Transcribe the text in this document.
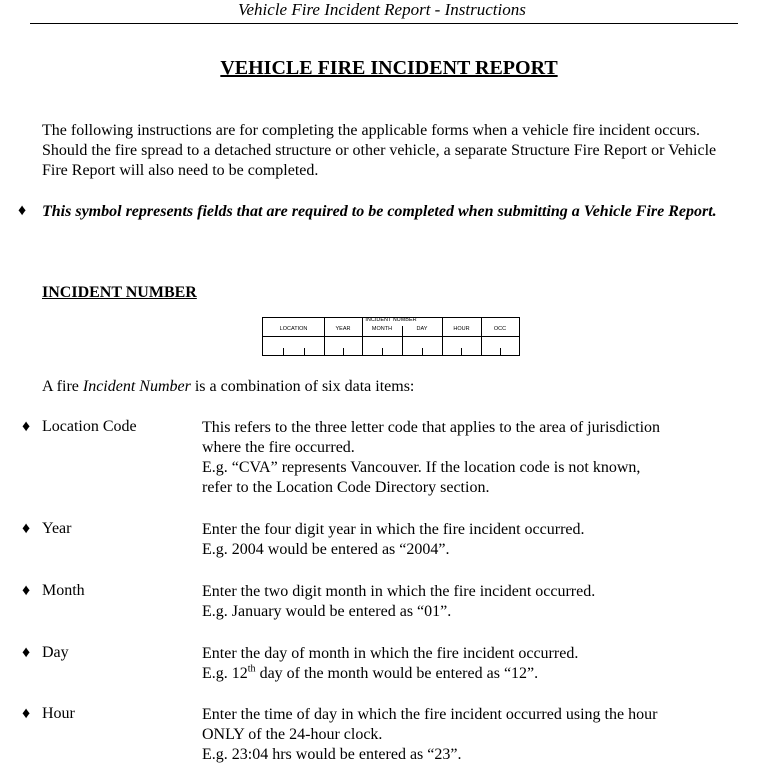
Vehicle Fire Incident Report - Instructions
VEHICLE FIRE INCIDENT REPORT
The following instructions are for completing the applicable forms when a vehicle fire incident occurs. Should the fire spread to a detached structure or other vehicle, a separate Structure Fire Report or Vehicle Fire Report will also need to be completed.
♦ This symbol represents fields that are required to be completed when submitting a Vehicle Fire Report.
INCIDENT NUMBER
INCIDENT NUMBER
LOCATION	YEAR	MONTH	DAY	HOUR	OCC
A fire Incident Number is a combination of six data items:
♦ Location Code	This refers to the three letter code that applies to the area of jurisdiction
where the fire occurred.
E.g. “CVA” represents Vancouver. If the location code is not known,
refer to the Location Code Directory section.
♦ Year	Enter the four digit year in which the fire incident occurred.
E.g. 2004 would be entered as “2004”.
♦ Month	Enter the two digit month in which the fire incident occurred.
E.g. January would be entered as “01”.
♦ Day	Enter the day of month in which the fire incident occurred.
E.g. 12th day of the month would be entered as “12”.
♦ Hour	Enter the time of day in which the fire incident occurred using the hour
ONLY of the 24-hour clock.
E.g. 23:04 hrs would be entered as “23”.
